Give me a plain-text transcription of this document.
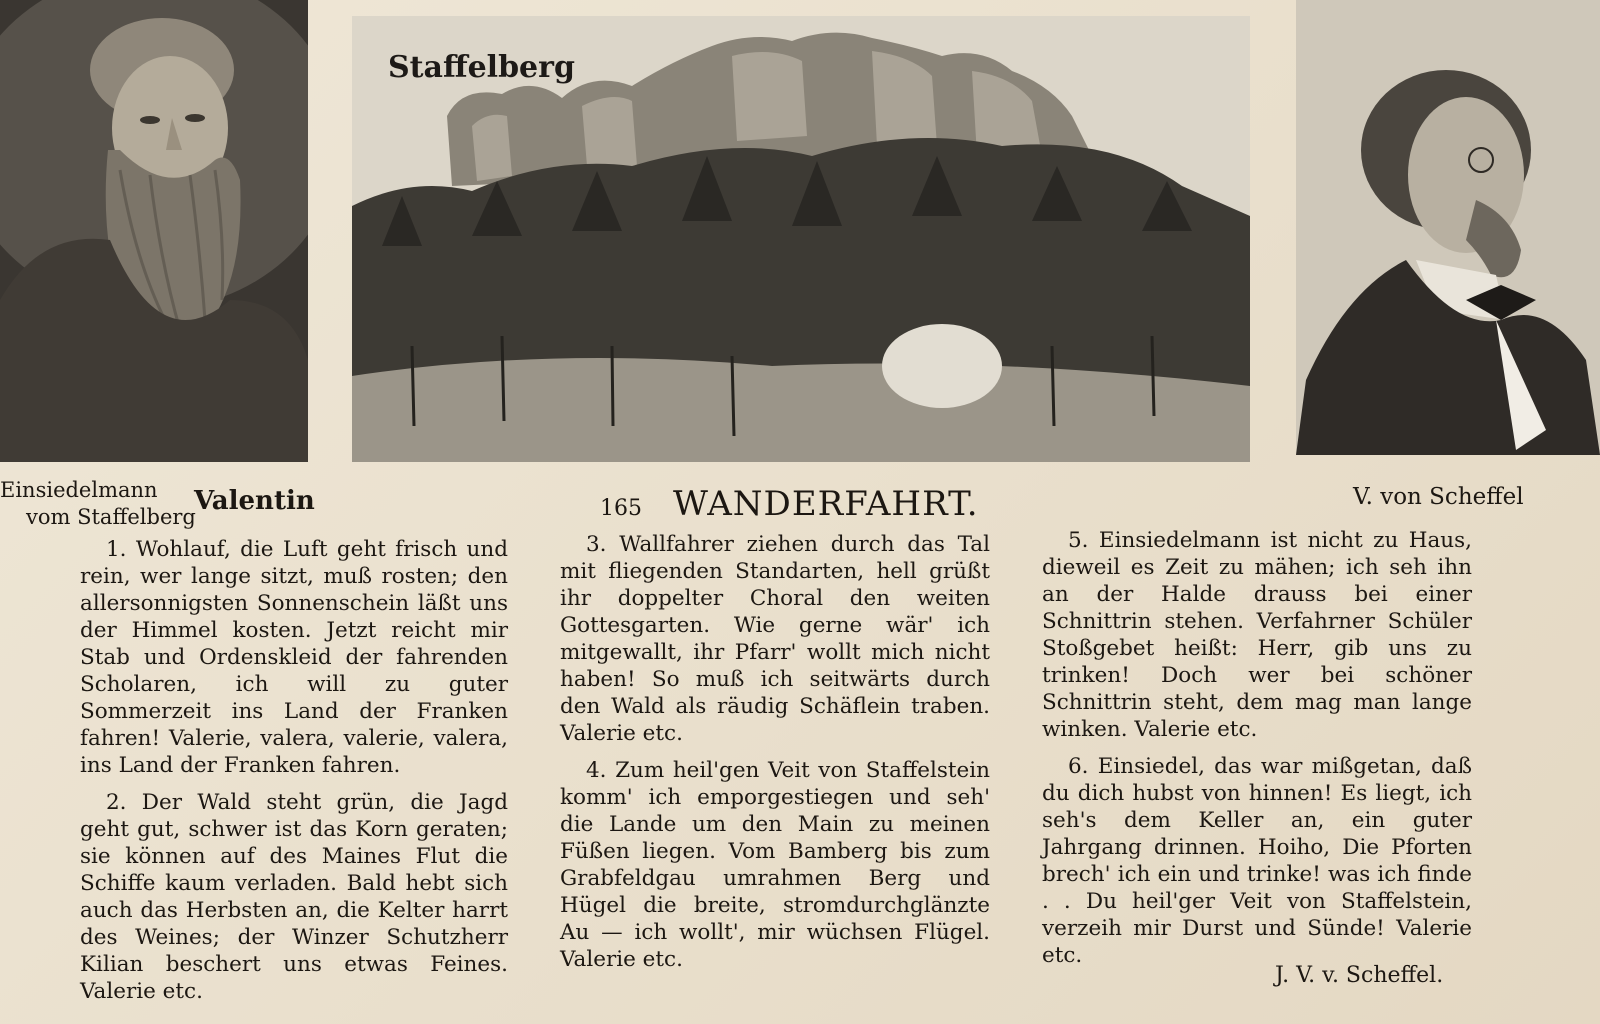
Staffelberg
Einsiedelmann
vom Staffelberg
Valentin	165 WANDERFAHRT.	V. von Scheffel

1. Wohlauf, die Luft geht frisch und rein, wer lange sitzt, muß rosten; den allersonnigsten Sonnenschein läßt uns der Himmel kosten. Jetzt reicht mir Stab und Ordenskleid der fahrenden Scholaren, ich will zu guter Sommerzeit ins Land der Franken fahren! Valerie, valera, valerie, valera, ins Land der Franken fahren.

2. Der Wald steht grün, die Jagd geht gut, schwer ist das Korn geraten; sie können auf des Maines Flut die Schiffe kaum verladen. Bald hebt sich auch das Herbsten an, die Kelter harrt des Weines; der Winzer Schutzherr Kilian beschert uns etwas Feines. Valerie etc.

3. Wallfahrer ziehen durch das Tal mit fliegenden Standarten, hell grüßt ihr doppelter Choral den weiten Gottesgarten. Wie gerne wär' ich mitgewallt, ihr Pfarr' wollt mich nicht haben! So muß ich seitwärts durch den Wald als räudig Schäflein traben. Valerie etc.

4. Zum heil'gen Veit von Staffelstein komm' ich emporgestiegen und seh' die Lande um den Main zu meinen Füßen liegen. Vom Bamberg bis zum Grabfeldgau umrahmen Berg und Hügel die breite, stromdurchglänzte Au — ich wollt', mir wüchsen Flügel. Valerie etc.

5. Einsiedelmann ist nicht zu Haus, dieweil es Zeit zu mähen; ich seh ihn an der Halde drauss bei einer Schnittrin stehen. Verfahrner Schüler Stoßgebet heißt: Herr, gib uns zu trinken! Doch wer bei schöner Schnittrin steht, dem mag man lange winken. Valerie etc.

6. Einsiedel, das war mißgetan, daß du dich hubst von hinnen! Es liegt, ich seh's dem Keller an, ein guter Jahrgang drinnen. Hoiho, Die Pforten brech' ich ein und trinke! was ich finde . . Du heil'ger Veit von Staffelstein, verzeih mir Durst und Sünde! Valerie etc.

J. V. v. Scheffel.
